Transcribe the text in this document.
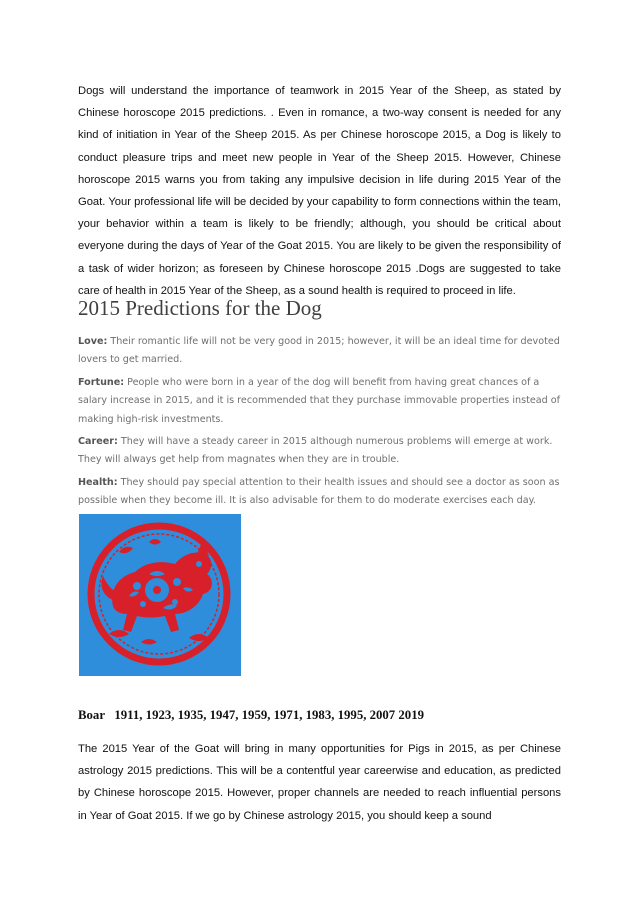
Dogs will understand the importance of teamwork in 2015 Year of the Sheep, as stated by Chinese horoscope 2015 predictions. . Even in romance, a two-way consent is needed for any kind of initiation in Year of the Sheep 2015. As per Chinese horoscope 2015, a Dog is likely to conduct pleasure trips and meet new people in Year of the Sheep 2015. However, Chinese horoscope 2015 warns you from taking any impulsive decision in life during 2015 Year of the Goat. Your professional life will be decided by your capability to form connections within the team, your behavior within a team is likely to be friendly; although, you should be critical about everyone during the days of Year of the Goat 2015. You are likely to be given the responsibility of a task of wider horizon; as foreseen by Chinese horoscope 2015 .Dogs are suggested to take care of health in 2015 Year of the Sheep, as a sound health is required to proceed in life.

2015 Predictions for the Dog

Love: Their romantic life will not be very good in 2015; however, it will be an ideal time for devoted lovers to get married.

Fortune: People who were born in a year of the dog will benefit from having great chances of a salary increase in 2015, and it is recommended that they purchase immovable properties instead of making high-risk investments.

Career: They will have a steady career in 2015 although numerous problems will emerge at work. They will always get help from magnates when they are in trouble.

Health: They should pay special attention to their health issues and should see a doctor as soon as possible when they become ill. It is also advisable for them to do moderate exercises each day.

Boar   1911, 1923, 1935, 1947, 1959, 1971, 1983, 1995, 2007 2019

The 2015 Year of the Goat will bring in many opportunities for Pigs in 2015, as per Chinese astrology 2015 predictions. This will be a contentful year careerwise and education, as predicted by Chinese horoscope 2015. However, proper channels are needed to reach influential persons in Year of Goat 2015. If we go by Chinese astrology 2015, you should keep a sound
